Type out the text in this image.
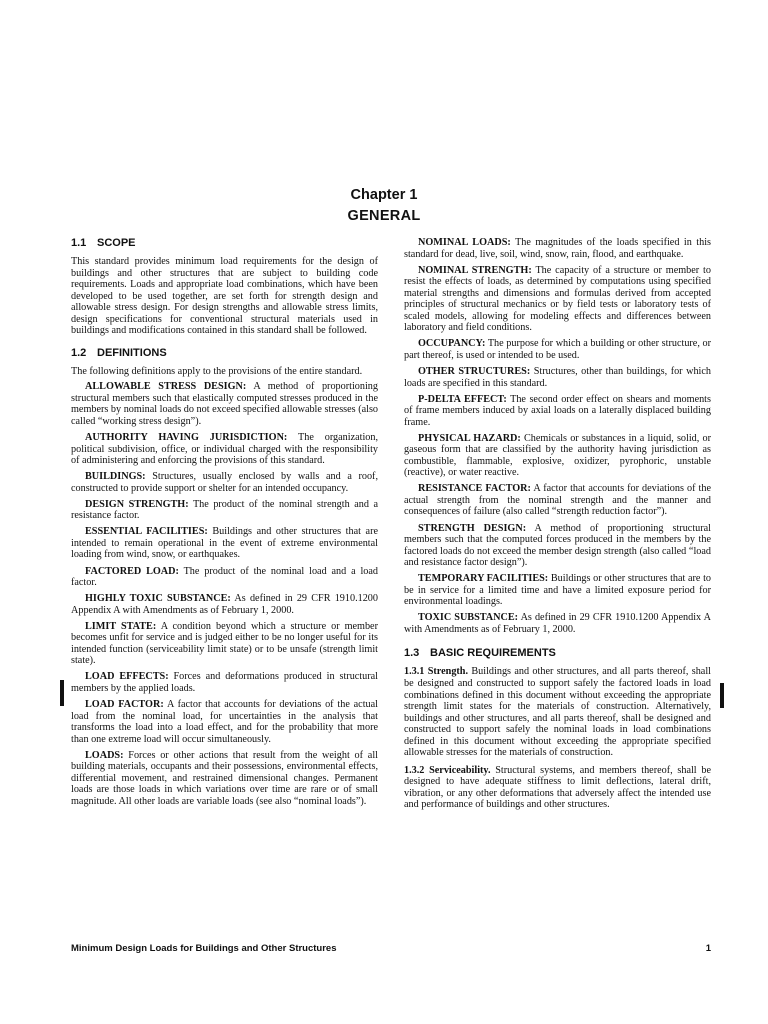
Chapter 1
GENERAL
1.1 SCOPE

This standard provides minimum load requirements for the design of buildings and other structures that are subject to building code requirements. Loads and appropriate load combinations, which have been developed to be used together, are set forth for strength design and allowable stress design. For design strengths and allowable stress limits, design specifications for conventional structural materials used in buildings and modifications contained in this standard shall be followed.

1.2 DEFINITIONS

The following definitions apply to the provisions of the entire standard.

ALLOWABLE STRESS DESIGN: A method of proportioning structural members such that elastically computed stresses produced in the members by nominal loads do not exceed specified allowable stresses (also called “working stress design”).

AUTHORITY HAVING JURISDICTION: The organization, political subdivision, office, or individual charged with the responsibility of administering and enforcing the provisions of this standard.

BUILDINGS: Structures, usually enclosed by walls and a roof, constructed to provide support or shelter for an intended occupancy.

DESIGN STRENGTH: The product of the nominal strength and a resistance factor.

ESSENTIAL FACILITIES: Buildings and other structures that are intended to remain operational in the event of extreme environmental loading from wind, snow, or earthquakes.

FACTORED LOAD: The product of the nominal load and a load factor.

HIGHLY TOXIC SUBSTANCE: As defined in 29 CFR 1910.1200 Appendix A with Amendments as of February 1, 2000.

LIMIT STATE: A condition beyond which a structure or member becomes unfit for service and is judged either to be no longer useful for its intended function (serviceability limit state) or to be unsafe (strength limit state).

LOAD EFFECTS: Forces and deformations produced in structural members by the applied loads.

LOAD FACTOR: A factor that accounts for deviations of the actual load from the nominal load, for uncertainties in the analysis that transforms the load into a load effect, and for the probability that more than one extreme load will occur simultaneously.

LOADS: Forces or other actions that result from the weight of all building materials, occupants and their possessions, environmental effects, differential movement, and restrained dimensional changes. Permanent loads are those loads in which variations over time are rare or of small magnitude. All other loads are variable loads (see also “nominal loads”).

NOMINAL LOADS: The magnitudes of the loads specified in this standard for dead, live, soil, wind, snow, rain, flood, and earthquake.

NOMINAL STRENGTH: The capacity of a structure or member to resist the effects of loads, as determined by computations using specified material strengths and dimensions and formulas derived from accepted principles of structural mechanics or by field tests or laboratory tests of scaled models, allowing for modeling effects and differences between laboratory and field conditions.

OCCUPANCY: The purpose for which a building or other structure, or part thereof, is used or intended to be used.

OTHER STRUCTURES: Structures, other than buildings, for which loads are specified in this standard.

P-DELTA EFFECT: The second order effect on shears and moments of frame members induced by axial loads on a laterally displaced building frame.

PHYSICAL HAZARD: Chemicals or substances in a liquid, solid, or gaseous form that are classified by the authority having jurisdiction as combustible, flammable, explosive, oxidizer, pyrophoric, unstable (reactive), or water reactive.

RESISTANCE FACTOR: A factor that accounts for deviations of the actual strength from the nominal strength and the manner and consequences of failure (also called “strength reduction factor”).

STRENGTH DESIGN: A method of proportioning structural members such that the computed forces produced in the members by the factored loads do not exceed the member design strength (also called “load and resistance factor design”).

TEMPORARY FACILITIES: Buildings or other structures that are to be in service for a limited time and have a limited exposure period for environmental loadings.

TOXIC SUBSTANCE: As defined in 29 CFR 1910.1200 Appendix A with Amendments as of February 1, 2000.

1.3 BASIC REQUIREMENTS

1.3.1 Strength. Buildings and other structures, and all parts thereof, shall be designed and constructed to support safely the factored loads in load combinations defined in this document without exceeding the appropriate strength limit states for the materials of construction. Alternatively, buildings and other structures, and all parts thereof, shall be designed and constructed to support safely the nominal loads in load combinations defined in this document without exceeding the appropriate specified allowable stresses for the materials of construction.

1.3.2 Serviceability. Structural systems, and members thereof, shall be designed to have adequate stiffness to limit deflections, lateral drift, vibration, or any other deformations that adversely affect the intended use and performance of buildings and other structures.

Minimum Design Loads for Buildings and Other Structures	1
